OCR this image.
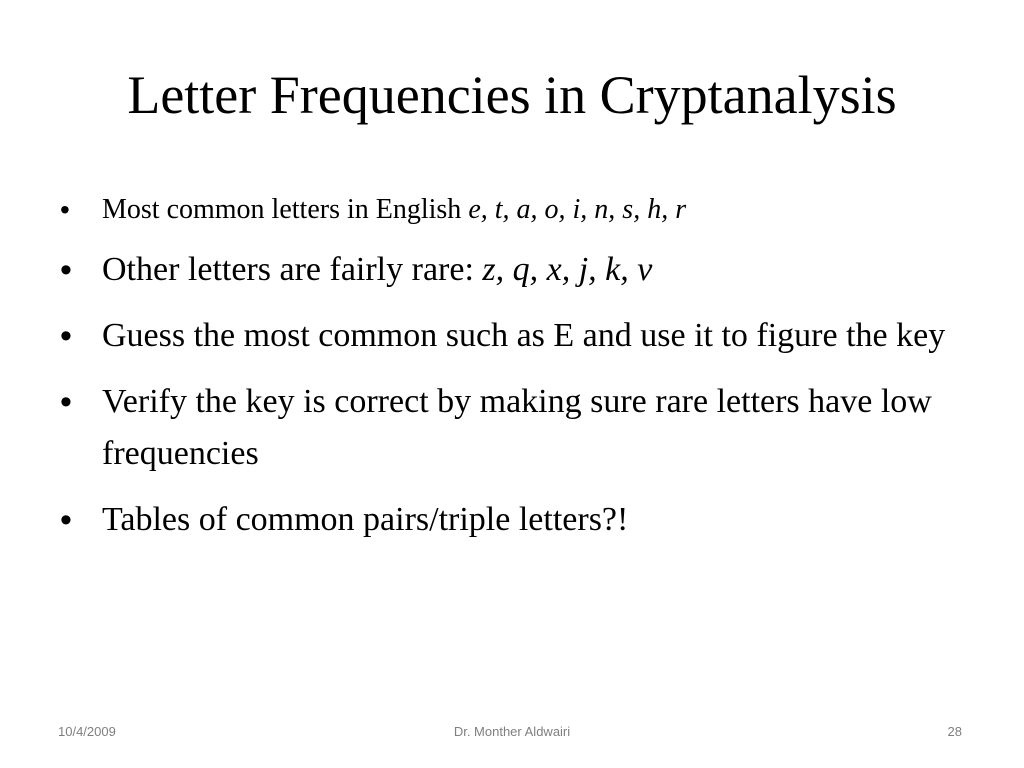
Letter Frequencies in Cryptanalysis
•	Most common letters in English e, t, a, o, i, n, s, h, r
• Other letters are fairly rare: z, q, x, j, k, v
• Guess the most common such as E and use it to figure the key
• Verify the key is correct by making sure rare letters have low frequencies
• Tables of common pairs/triple letters?!
Dr. Monther Aldwairi
10/4/2009	28
